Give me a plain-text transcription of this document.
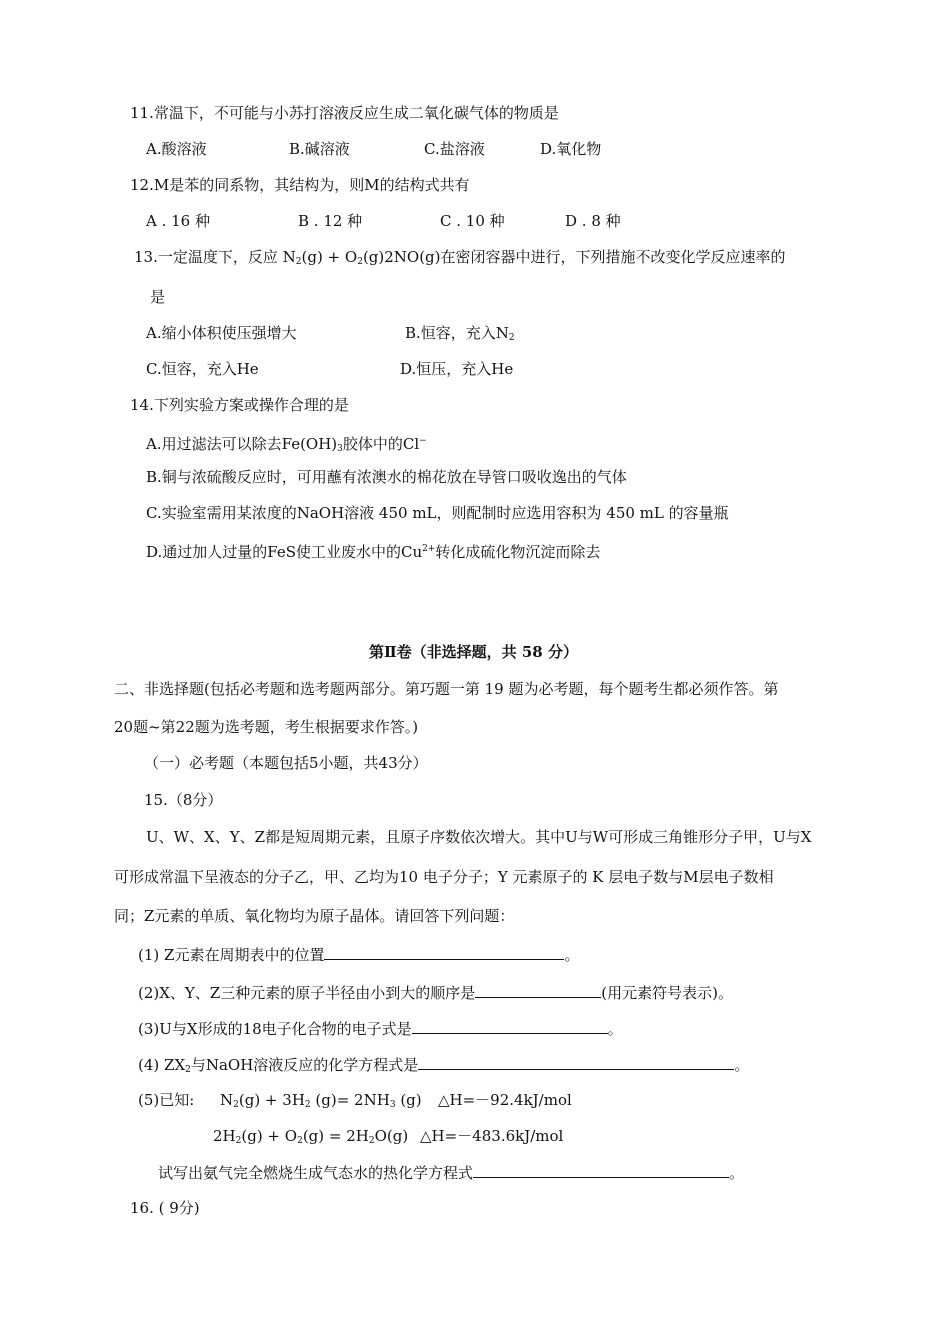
11.常温下，不可能与小苏打溶液反应生成二氧化碳气体的物质是
A.酸溶液	B.碱溶液	C.盐溶液	D.氧化物
12.M是苯的同系物，其结构为，则M的结构式共有
A . 16 种	B . 12 种	C . 10 种	D . 8 种
13.一定温度下，反应 $N_2(g) + O_2(g)2NO(g)$在密闭容器中进行，下列措施不改变化学反应速率的
是
A.缩小体积使压强增大	B.恒容，充入$N_2$
C.恒容，充入He	D.恒压，充入He
14.下列实验方案或操作合理的是
A.用过滤法可以除去$Fe(OH)_3$胶体中的Cl−
B.铜与浓硫酸反应时，可用蘸有浓澳水的棉花放在导管口吸收逸出的气体
C.实验室需用某浓度的NaOH溶液 450 mL，则配制时应选用容积为 450 mL 的容量瓶
D.通过加人过量的FeS使工业废水中的$Cu^{2+}$转化成硫化物沉淀而除去
第Ⅱ卷（非选择题，共 58 分）
二、非选择题(包括必考题和选考题两部分。第巧题一第 19 题为必考题，每个题考生都必须作答。第
20题~第22题为选考题，考生根据要求作答。)
（一）必考题（本题包括5小题，共43分）
15.（8分）
U、W、X、Y、Z都是短周期元素，且原子序数依次增大。其中U与W可形成三角锥形分子甲，U与X
可形成常温下呈液态的分子乙，甲、乙均为10 电子分子；Y 元素原子的 K 层电子数与M层电子数相
同；Z元素的单质、氧化物均为原子晶体。请回答下列问题：
(1) Z元素在周期表中的位置	。
(2)X、Y、Z三种元素的原子半径由小到大的顺序是	(用元素符号表示)。
(3)U与X形成的18电子化合物的电子式是	。
(4) $ZX_2$与NaOH溶液反应的化学方程式是	。
(5)已知: $N_2(g) + 3H_2$ $(g)= 2NH_3$ (g) △H=－92.4kJ/mol
$2H_2(g) + O_2(g) = 2H_2O(g)$ △H=－483.6kJ/mol
试写出氨气完全燃烧生成气态水的热化学方程式	。
16. ( 9分)
